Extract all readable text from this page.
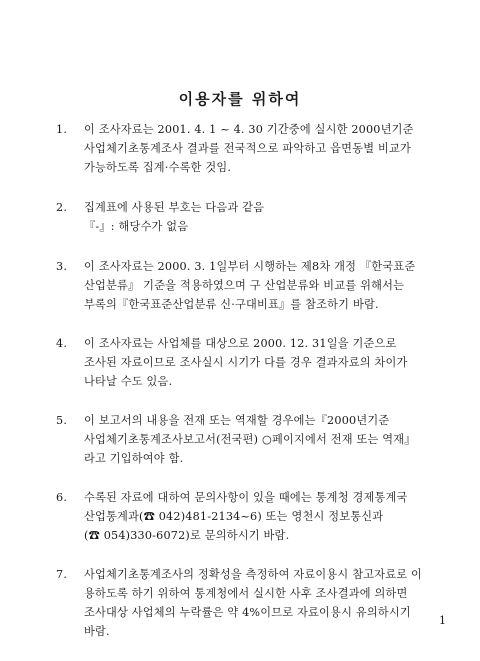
이용자를 위하여
1.	이 조사자료는 2001. 4. 1 ~ 4. 30 기간중에 실시한 2000년기준
사업체기초통계조사 결과를 전국적으로 파악하고 읍면동별 비교가
가능하도록 집계·수록한 것임.
2.	집계표에 사용된 부호는 다음과 같음
『-』: 해당수가 없음
3.	이 조사자료는 2000. 3. 1일부터 시행하는 제8차 개정 『한국표준
산업분류』 기준을 적용하였으며 구 산업분류와 비교를 위해서는
부록의『한국표준산업분류 신·구대비표』를 참조하기 바람.
4.	이 조사자료는 사업체를 대상으로 2000. 12. 31일을 기준으로
조사된 자료이므로 조사실시 시기가 다를 경우 결과자료의 차이가
나타날 수도 있음.
5.	이 보고서의 내용을 전재 또는 역재할 경우에는『2000년기준
사업체기초통계조사보고서(전국편) ○페이지에서 전재 또는 역재』
라고 기입하여야 함.
6.	수록된 자료에 대하여 문의사항이 있을 때에는 통계청 경제통계국
산업통계과(☎ 042)481-2134~6) 또는 영천시 정보통신과
(☎ 054)330-6072)로 문의하시기 바람.
7.	사업체기초통계조사의 정확성을 측정하여 자료이용시 참고자료로 이
용하도록 하기 위하여 통계청에서 실시한 사후 조사결과에 의하면
조사대상 사업체의 누락률은 약 4%이므로 자료이용시 유의하시기
바람.
1
